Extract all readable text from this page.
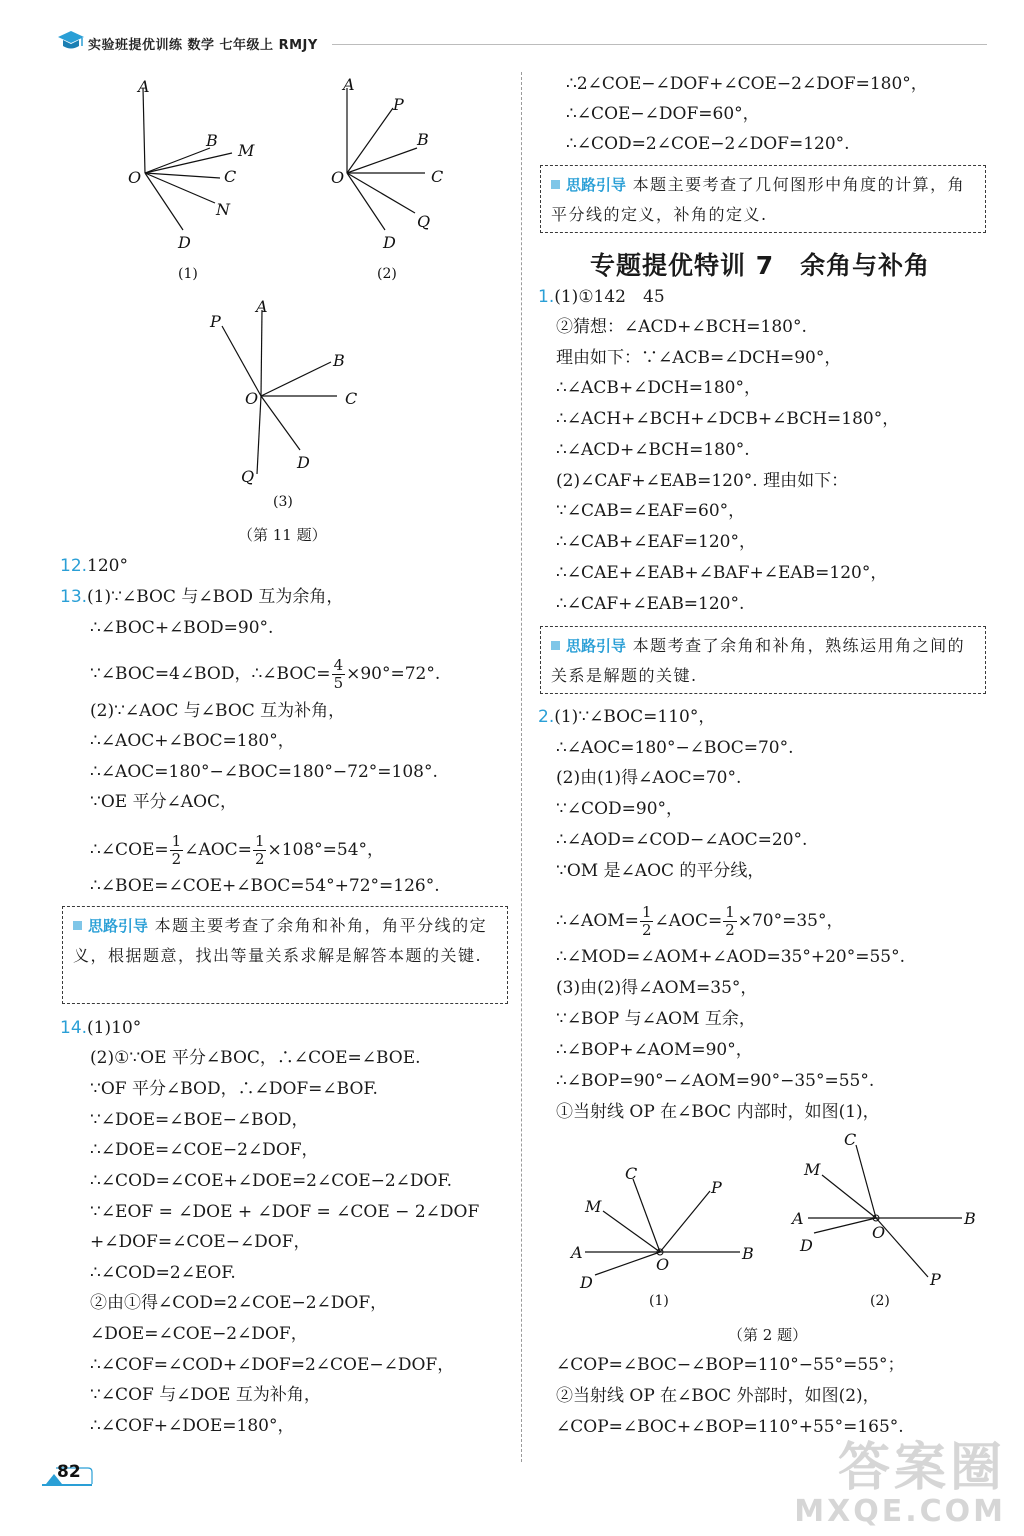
实验班提优训练 数学 七年级上 RMJY
A
B
M
C
N
D
O
(1)
A
P
B
C
Q
D
O
(2)
A
P
B
C
D
Q
O
(3)
（第 11 题）
12.120°
13.(1)∵∠BOC 与∠BOD 互为余角，
∴∠BOC+∠BOD=90°.
∵∠BOC=4∠BOD，∴∠BOC= $\frac{4}{5} \times 90^\circ=72^\circ$.
(2)∵∠AOC 与∠BOC 互为补角，
∴∠AOC+∠BOC=180°，
∴∠AOC=180°−∠BOC=180°−72°=108°.
∵OE 平分∠AOC，
∴∠COE= $\frac{1}{2}$ ∠AOC= $\frac{1}{2} \times 108^\circ=54^\circ$，
∴∠BOE=∠COE+∠BOC=54°+72°=126°.
思路引导 本题主要考查了余角和补角，角平分线的定义，根据题意，找出等量关系求解是解答本题的关键.
14.(1)10°
(2)①∵OE 平分∠BOC，∴∠COE=∠BOE.
∵OF 平分∠BOD，∴∠DOF=∠BOF.
∵∠DOE=∠BOE−∠BOD，
∴∠DOE=∠COE−2∠DOF，
∴∠COD=∠COE+∠DOE=2∠COE−2∠DOF.
∵∠EOF = ∠DOE + ∠DOF = ∠COE − 2∠DOF
+∠DOF=∠COE−∠DOF，
∴∠COD=2∠EOF.
②由①得∠COD=2∠COE−2∠DOF，
∠DOE=∠COE−2∠DOF，
∴∠COF=∠COD+∠DOF=2∠COE−∠DOF，
∵∠COF 与∠DOE 互为补角，
∴∠COF+∠DOE=180°，
∴2∠COE−∠DOF+∠COE−2∠DOF=180°，
∴∠COE−∠DOF=60°，
∴∠COD=2∠COE−2∠DOF=120°.
思路引导 本题主要考查了几何图形中角度的计算，角平分线的定义，补角的定义.
专题提优特训 7　余角与补角
1.(1)①142　45
②猜想：∠ACD+∠BCH=180°.
理由如下：∵∠ACB=∠DCH=90°，
∴∠ACB+∠DCH=180°，
∴∠ACH+∠BCH+∠DCB+∠BCH=180°，
∴∠ACD+∠BCH=180°.
(2)∠CAF+∠EAB=120°. 理由如下：
∵∠CAB=∠EAF=60°，
∴∠CAB+∠EAF=120°，
∴∠CAE+∠EAB+∠BAF+∠EAB=120°，
∴∠CAF+∠EAB=120°.
思路引导 本题考查了余角和补角，熟练运用角之间的关系是解题的关键.
2.(1)∵∠BOC=110°，
∴∠AOC=180°−∠BOC=70°.
(2)由(1)得∠AOC=70°.
∵∠COD=90°，
∴∠AOD=∠COD−∠AOC=20°.
∵OM 是∠AOC 的平分线，
∴∠AOM= $\frac{1}{2}$ ∠AOC= $\frac{1}{2} \times 70^\circ=35^\circ$，
∴∠MOD=∠AOM+∠AOD=35°+20°=55°.
(3)由(2)得∠AOM=35°，
∵∠BOP 与∠AOM 互余，
∴∠BOP+∠AOM=90°，
∴∠BOP=90°−∠AOM=90°−35°=55°.
①当射线 OP 在∠BOC 内部时，如图(1)，
C
P
M
A	B
O
D
(1)
C
M
A	B
O
D
P
(2)
（第 2 题）
∠COP=∠BOC−∠BOP=110°−55°=55°；
②当射线 OP 在∠BOC 外部时，如图(2)，
∠COP=∠BOC+∠BOP=110°+55°=165°.
82	答案圈
MXQE.COM
